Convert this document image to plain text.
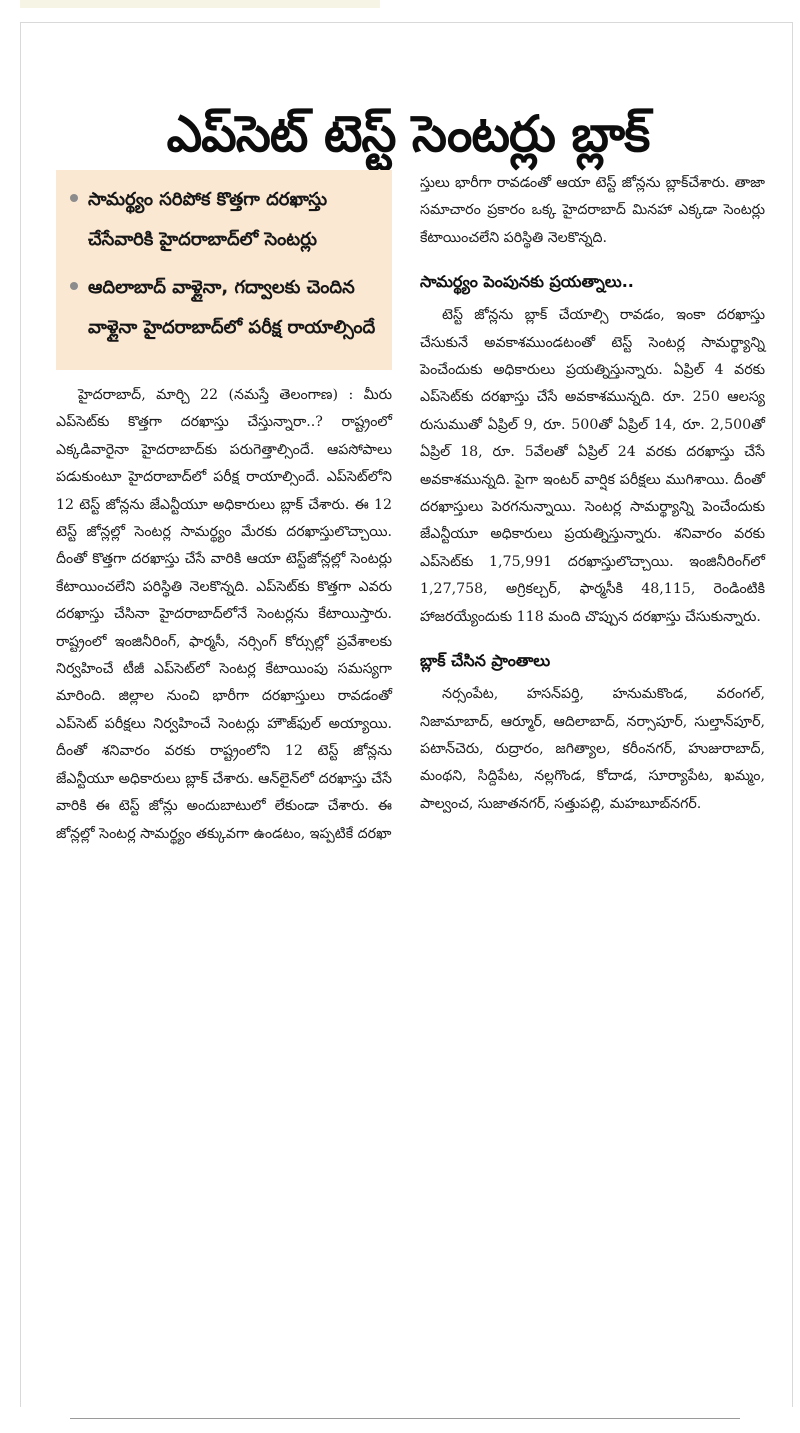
ఎప్‌సెట్‌ టెస్ట్‌ సెంటర్లు బ్లాక్‌
సామర్థ్యం సరిపోక కొత్తగా దరఖాస్తు చేసేవారికి హైదరాబాద్‌లో సెంటర్లు
ఆదిలాబాద్‌ వాళ్లైనా, గద్వాలకు చెందిన వాళ్లైనా హైదరాబాద్‌లో పరీక్ష రాయాల్సిందే

హైదరాబాద్‌, మార్చి 22 (నమస్తే తెలంగాణ) : మీరు ఎప్‌సెట్‌కు కొత్తగా దరఖాస్తు చేస్తున్నారా..? రాష్ట్రంలో ఎక్కడివారైనా హైదరాబాద్‌కు పరుగెత్తాల్సిందే. ఆపసోపాలు పడుకుంటూ హైదరాబాద్‌లో పరీక్ష రాయాల్సిందే. ఎప్‌సెట్‌లోని 12 టెస్ట్‌ జోన్లను జేఎన్టీయూ అధికారులు బ్లాక్‌ చేశారు. ఈ 12 టెస్ట్‌ జోన్లల్లో సెంటర్ల సామర్థ్యం మేరకు దరఖాస్తులొచ్చాయి. దీంతో కొత్తగా దరఖాస్తు చేసే వారికి ఆయా టెస్ట్‌జోన్లల్లో సెంటర్లు కేటాయించలేని పరిస్థితి నెలకొన్నది. ఎప్‌సెట్‌కు కొత్తగా ఎవరు దరఖాస్తు చేసినా హైదరాబాద్‌లోనే సెంటర్లను కేటాయిస్తారు. రాష్ట్రంలో ఇంజినీరింగ్‌, ఫార్మసీ, నర్సింగ్‌ కోర్సుల్లో ప్రవేశాలకు నిర్వహించే టీజీ ఎప్‌సెట్‌లో సెంటర్ల కేటాయింపు సమస్యగా మారింది. జిల్లాల నుంచి భారీగా దరఖాస్తులు రావడంతో ఎప్‌సెట్‌ పరీక్షలు నిర్వహించే సెంటర్లు హౌజ్‌ఫుల్‌ అయ్యాయి. దీంతో శనివారం వరకు రాష్ట్రంలోని 12 టెస్ట్‌ జోన్లను జేఎన్టీయూ అధికారులు బ్లాక్‌ చేశారు. ఆన్‌లైన్‌లో దరఖాస్తు చేసే వారికి ఈ టెస్ట్‌ జోన్లు అందుబాటులో లేకుండా చేశారు. ఈ జోన్లల్లో సెంటర్ల సామర్థ్యం తక్కువగా ఉండటం, ఇప్పటికే దరఖా

స్తులు భారీగా రావడంతో ఆయా టెస్ట్‌ జోన్లను బ్లాక్‌చేశారు. తాజా సమాచారం ప్రకారం ఒక్క హైదరాబాద్‌ మినహా ఎక్కడా సెంటర్లు కేటాయించలేని పరిస్థితి నెలకొన్నది.

సామర్థ్యం పెంపునకు ప్రయత్నాలు..

టెస్ట్‌ జోన్లను బ్లాక్‌ చేయాల్సి రావడం, ఇంకా దరఖాస్తు చేసుకునే అవకాశముండటంతో టెస్ట్‌ సెంటర్ల సామర్థ్యాన్ని పెంచేందుకు అధికారులు ప్రయత్నిస్తున్నారు. ఏప్రిల్‌ 4 వరకు ఎప్‌సెట్‌కు దరఖాస్తు చేసే అవకాశమున్నది. రూ. 250 ఆలస్య రుసుముతో ఏప్రిల్‌ 9, రూ. 500తో ఏప్రిల్‌ 14, రూ. 2,500తో ఏప్రిల్‌ 18, రూ. 5వేలతో ఏప్రిల్‌ 24 వరకు దరఖాస్తు చేసే అవకాశమున్నది. పైగా ఇంటర్‌ వార్షిక పరీక్షలు ముగిశాయి. దీంతో దరఖాస్తులు పెరగనున్నాయి. సెంటర్ల సామర్థ్యాన్ని పెంచేందుకు జేఎన్టీయూ అధికారులు ప్రయత్నిస్తున్నారు. శనివారం వరకు ఎప్‌సెట్‌కు 1,75,991 దరఖాస్తులొచ్చాయి. ఇంజినీరింగ్‌లో 1,27,758, అగ్రికల్చర్‌, ఫార్మసీకి 48,115, రెండింటికి హాజరయ్యేందుకు 118 మంది చొప్పున దరఖాస్తు చేసుకున్నారు.

బ్లాక్‌ చేసిన ప్రాంతాలు

నర్సంపేట, హసన్‌పర్తి, హనుమకొండ, వరంగల్‌, నిజామాబాద్‌, ఆర్మూర్‌, ఆదిలాబాద్‌, నర్సాపూర్‌, సుల్తాన్‌పూర్‌, పటాన్‌చెరు, రుద్రారం, జగిత్యాల, కరీంనగర్‌, హుజురాబాద్‌, మంథని, సిద్దిపేట, నల్లగొండ, కోదాడ, సూర్యాపేట, ఖమ్మం, పాల్వంచ, సుజాతనగర్‌, సత్తుపల్లి, మహబూబ్‌నగర్‌.
